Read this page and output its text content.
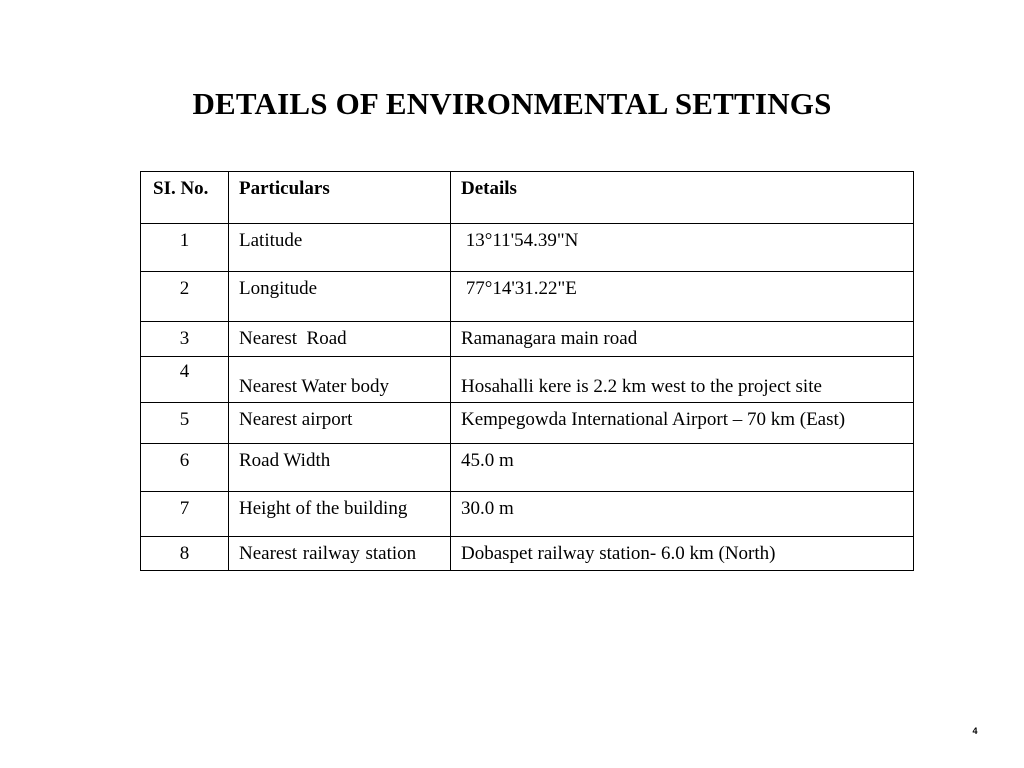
DETAILS OF ENVIRONMENTAL SETTINGS
SI. No.	Particulars	Details
1	Latitude	13°11'54.39"N
2	Longitude	77°14'31.22"E
3	Nearest  Road	Ramanagara main road
4	Nearest Water body	Hosahalli kere is 2.2 km west to the project site
5	Nearest airport	Kempegowda International Airport – 70 km (East)
6	Road Width	45.0 m
7	Height of the building	30.0 m
8	Nearest railway station	Dobaspet railway station- 6.0 km (North)
4
